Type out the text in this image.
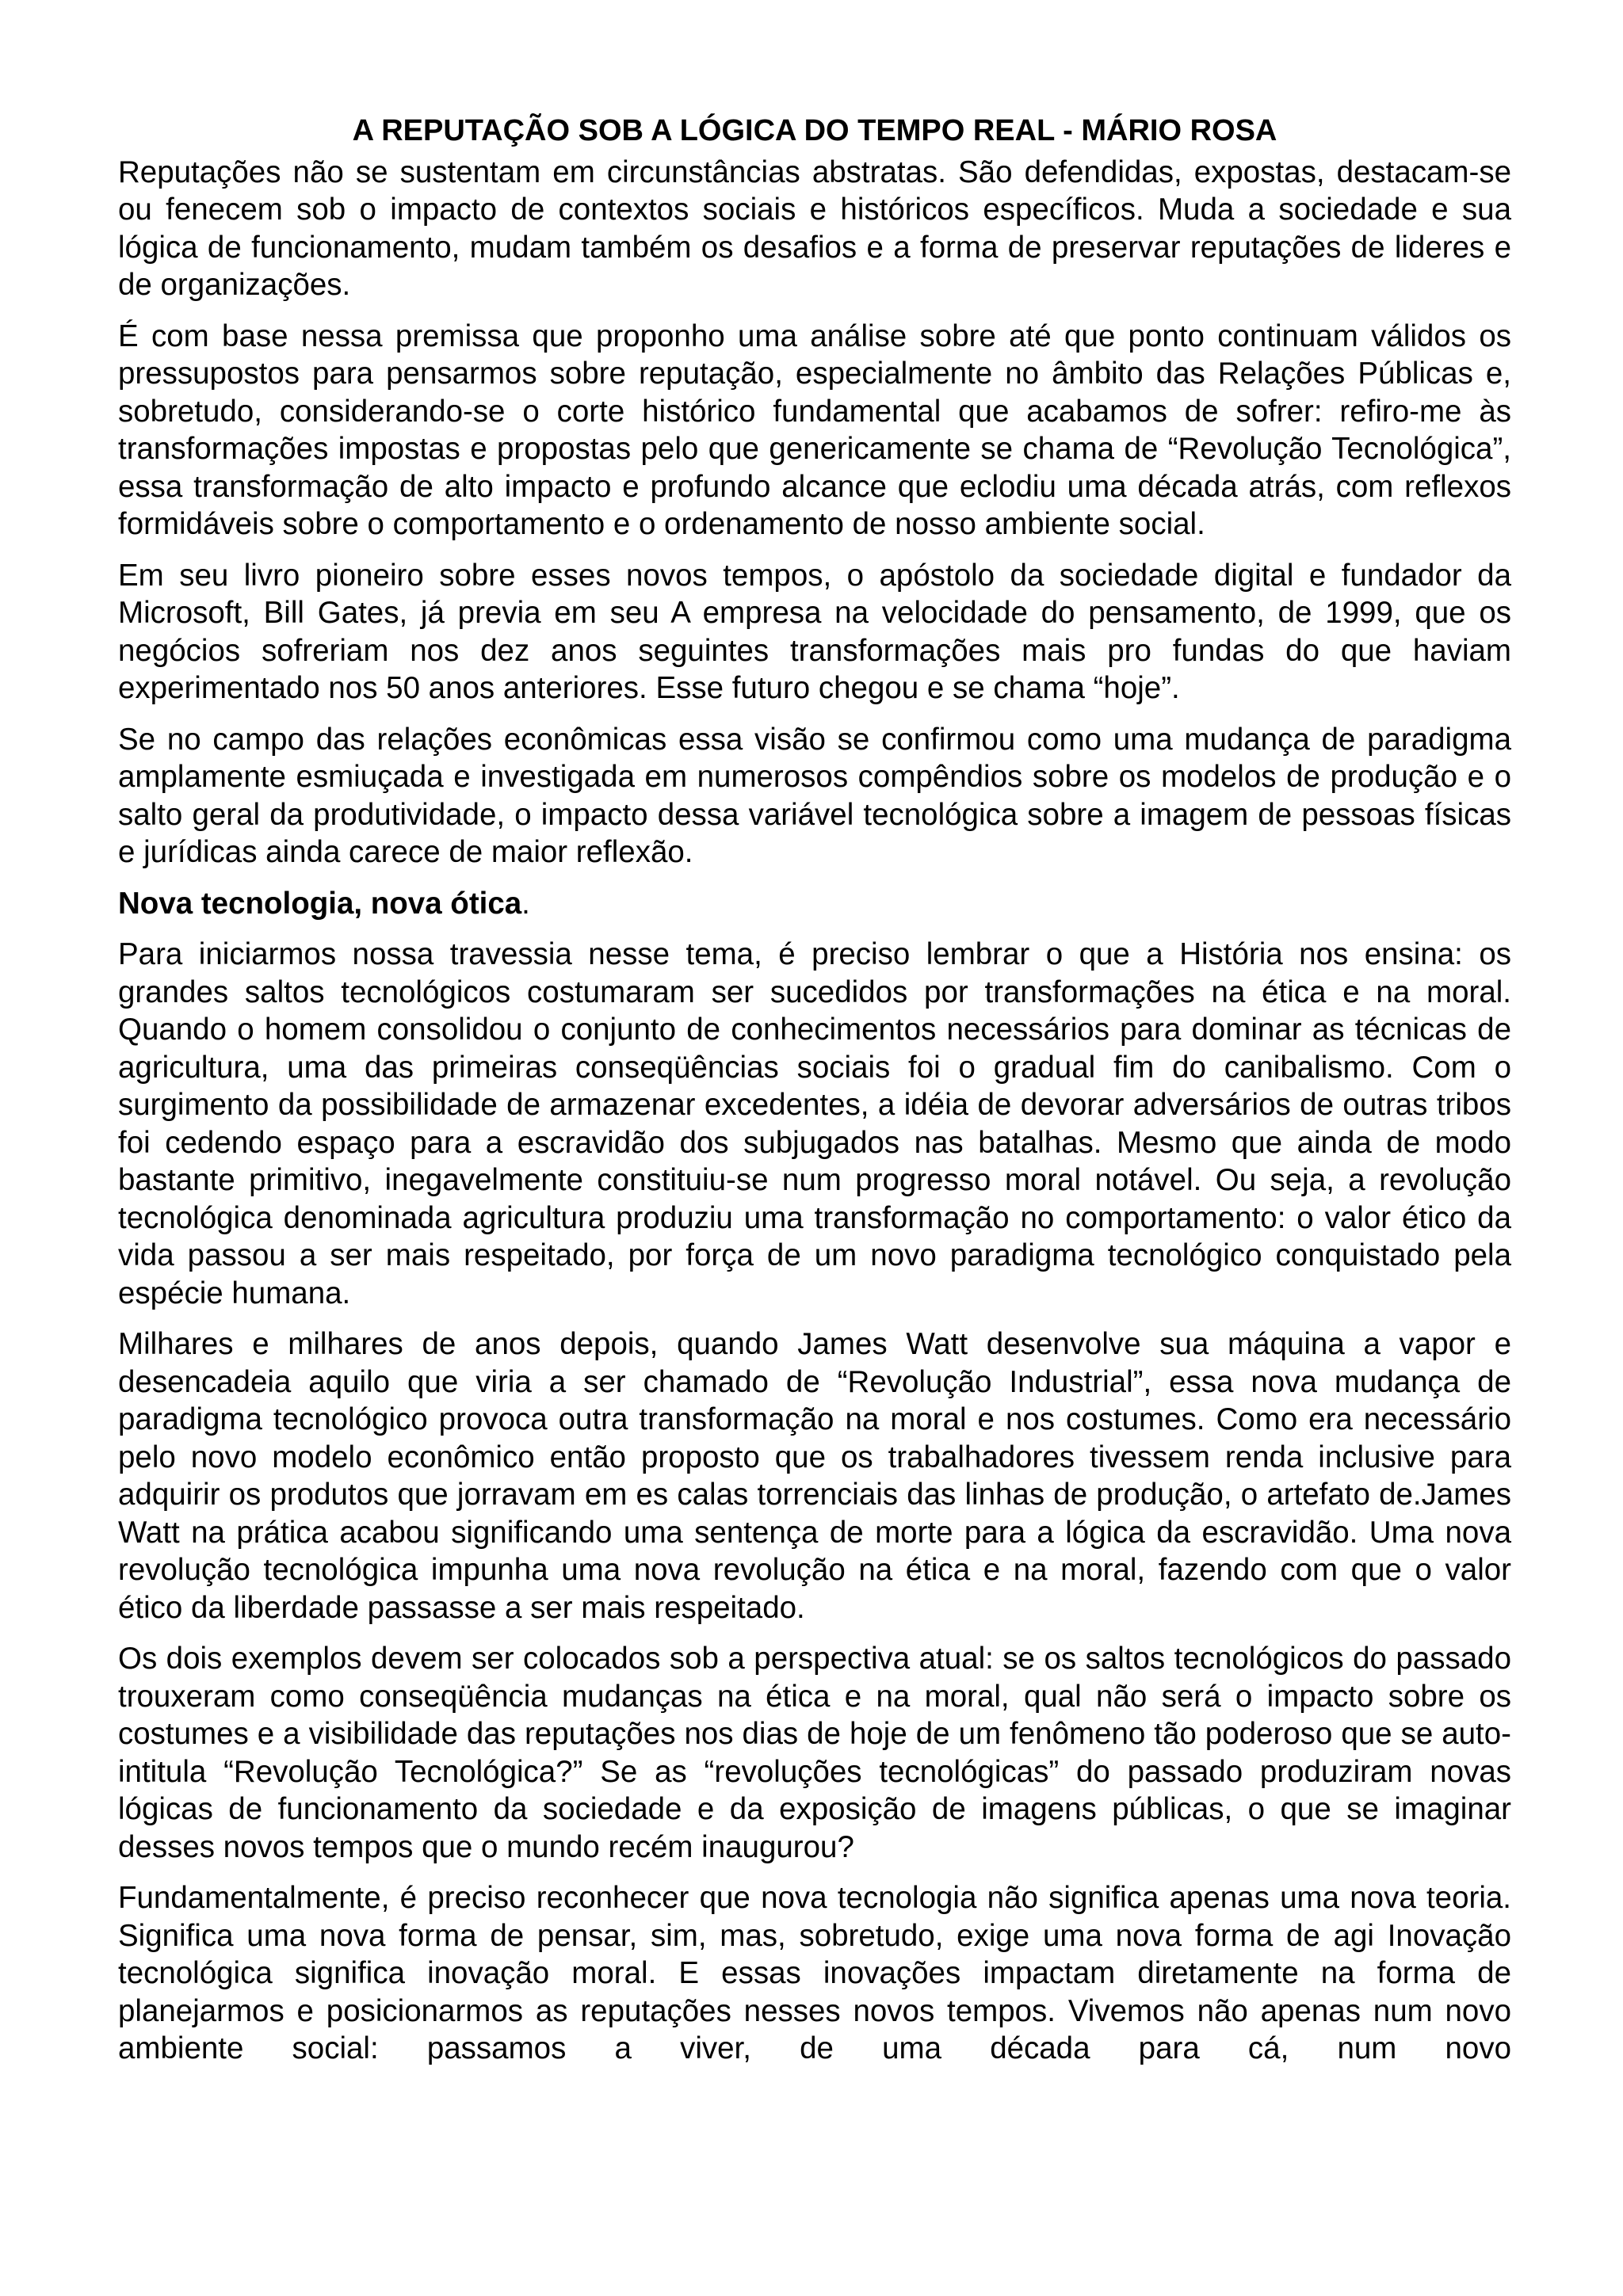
A REPUTAÇÃO SOB A LÓGICA DO TEMPO REAL - MÁRIO ROSA

Reputações não se sustentam em circunstâncias abstratas. São defendidas, expostas, destacam-se ou fenecem sob o impacto de contextos sociais e históricos específicos. Muda a sociedade e sua lógica de funcionamento, mudam também os desafios e a forma de preservar reputações de lideres e de organizações.

É com base nessa premissa que proponho uma análise sobre até que ponto continuam válidos os pressupostos para pensarmos sobre reputação, especialmente no âmbito das Relações Públicas e, sobretudo, considerando-se o corte histórico fundamental que acabamos de sofrer: refiro-me às transformações impostas e propostas pelo que genericamente se chama de “Revolução Tecnológica”, essa transformação de alto impacto e profundo alcance que eclodiu uma década atrás, com reflexos formidáveis sobre o comportamento e o ordenamento de nosso ambiente social.

Em seu livro pioneiro sobre esses novos tempos, o apóstolo da sociedade digital e fundador da Microsoft, Bill Gates, já previa em seu A empresa na velocidade do pensamento, de 1999, que os negócios sofreriam nos dez anos seguintes transformações mais pro fundas do que haviam experimentado nos 50 anos anteriores. Esse futuro chegou e se chama “hoje”.

Se no campo das relações econômicas essa visão se confirmou como uma mudança de paradigma amplamente esmiuçada e investigada em numerosos compêndios sobre os modelos de produção e o salto geral da produtividade, o impacto dessa variável tecnológica sobre a imagem de pessoas físicas e jurídicas ainda carece de maior reflexão.

Nova tecnologia, nova ótica.

Para iniciarmos nossa travessia nesse tema, é preciso lembrar o que a História nos ensina: os grandes saltos tecnológicos costumaram ser sucedidos por transformações na ética e na moral. Quando o homem consolidou o conjunto de conhecimentos necessários para dominar as técnicas de agricultura, uma das primeiras conseqüências sociais foi o gradual fim do canibalismo. Com o surgimento da possibilidade de armazenar excedentes, a idéia de devorar adversários de outras tribos foi cedendo espaço para a escravidão dos subjugados nas batalhas. Mesmo que ainda de modo bastante primitivo, inegavelmente constituiu-se num progresso moral notável. Ou seja, a revolução tecnológica denominada agricultura produziu uma transformação no comportamento: o valor ético da vida passou a ser mais respeitado, por força de um novo paradigma tecnológico conquistado pela espécie humana.

Milhares e milhares de anos depois, quando James Watt desenvolve sua máquina a vapor e desencadeia aquilo que viria a ser chamado de “Revolução Industrial”, essa nova mudança de paradigma tecnológico provoca outra transformação na moral e nos costumes. Como era necessário pelo novo modelo econômico então proposto que os trabalhadores tivessem renda inclusive para adquirir os produtos que jorravam em es calas torrenciais das linhas de produção, o artefato de.James Watt na prática acabou significando uma sentença de morte para a lógica da escravidão. Uma nova revolução tecnológica impunha uma nova revolução na ética e na moral, fazendo com que o valor ético da liberdade passasse a ser mais respeitado.

Os dois exemplos devem ser colocados sob a perspectiva atual: se os saltos tecnológicos do passado trouxeram como conseqüência mudanças na ética e na moral, qual não será o impacto sobre os costumes e a visibilidade das reputações nos dias de hoje de um fenômeno tão poderoso que se auto-intitula “Revolução Tecnológica?” Se as “revoluções tecnológicas” do passado produziram novas lógicas de funcionamento da sociedade e da exposição de imagens públicas, o que se imaginar desses novos tempos que o mundo recém inaugurou?

Fundamentalmente, é preciso reconhecer que nova tecnologia não significa apenas uma nova teoria. Significa uma nova forma de pensar, sim, mas, sobretudo, exige uma nova forma de agi Inovação tecnológica significa inovação moral. E essas inovações impactam diretamente na forma de planejarmos e posicionarmos as reputações nesses novos tempos. Vivemos não apenas num novo ambiente social: passamos a viver, de uma década para cá, num novo
